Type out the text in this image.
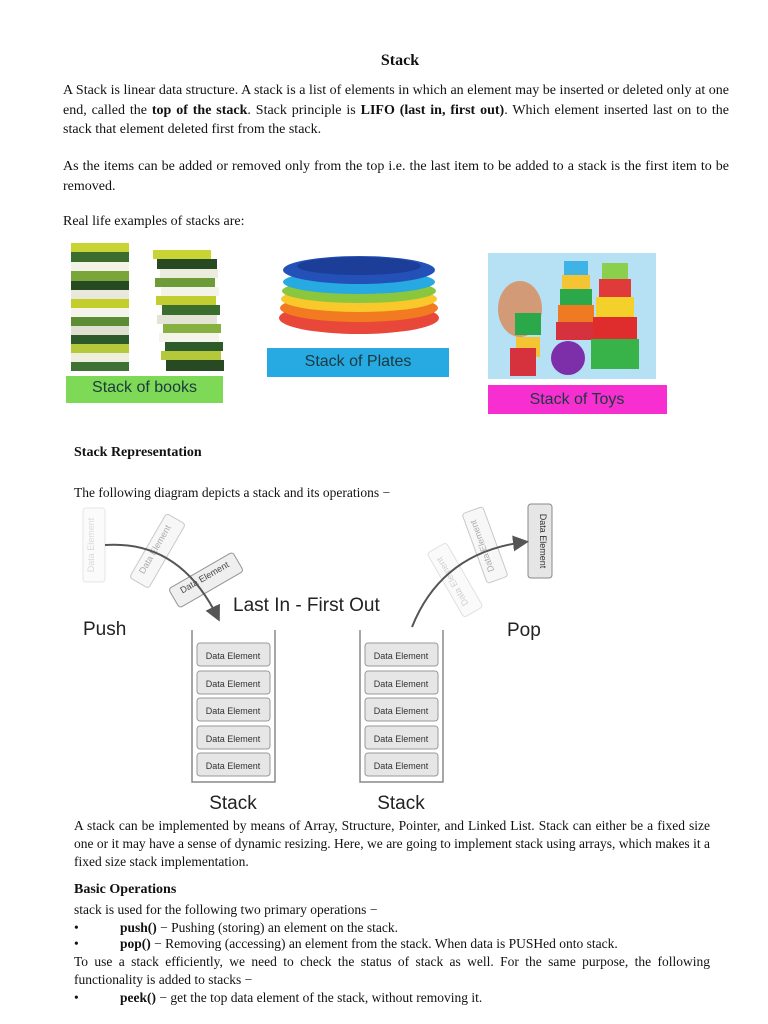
Stack

A Stack is linear data structure. A stack is a list of elements in which an element may be inserted or deleted only at one end, called the top of the stack. Stack principle is LIFO (last in, first out). Which element inserted last on to the stack that element deleted first from the stack.

As the items can be added or removed only from the top i.e. the last item to be added to a stack is the first item to be removed.

Real life examples of stacks are:

Stack of books
Stack of Plates
Stack of Toys
Stack Representation
The following diagram depicts a stack and its operations −
Data Element	Data Element
Data Element	Data Element
Data Element	Data Element
Last In - First Out
Push	Pop
Data Element
Data Element
Data Element
Data Element
Data Element
Data Element
Data Element
Data Element
Data Element
Data Element
Stack	Stack

A stack can be implemented by means of Array, Structure, Pointer, and Linked List. Stack can either be a fixed size one or it may have a sense of dynamic resizing. Here, we are going to implement stack using arrays, which makes it a fixed size stack implementation.

Basic Operations
stack is used for the following two primary operations −
•	push() − Pushing (storing) an element on the stack.
•	pop() − Removing (accessing) an element from the stack. When data is PUSHed onto stack.

To use a stack efficiently, we need to check the status of stack as well. For the same purpose, the following functionality is added to stacks −

•	peek() − get the top data element of the stack, without removing it.
